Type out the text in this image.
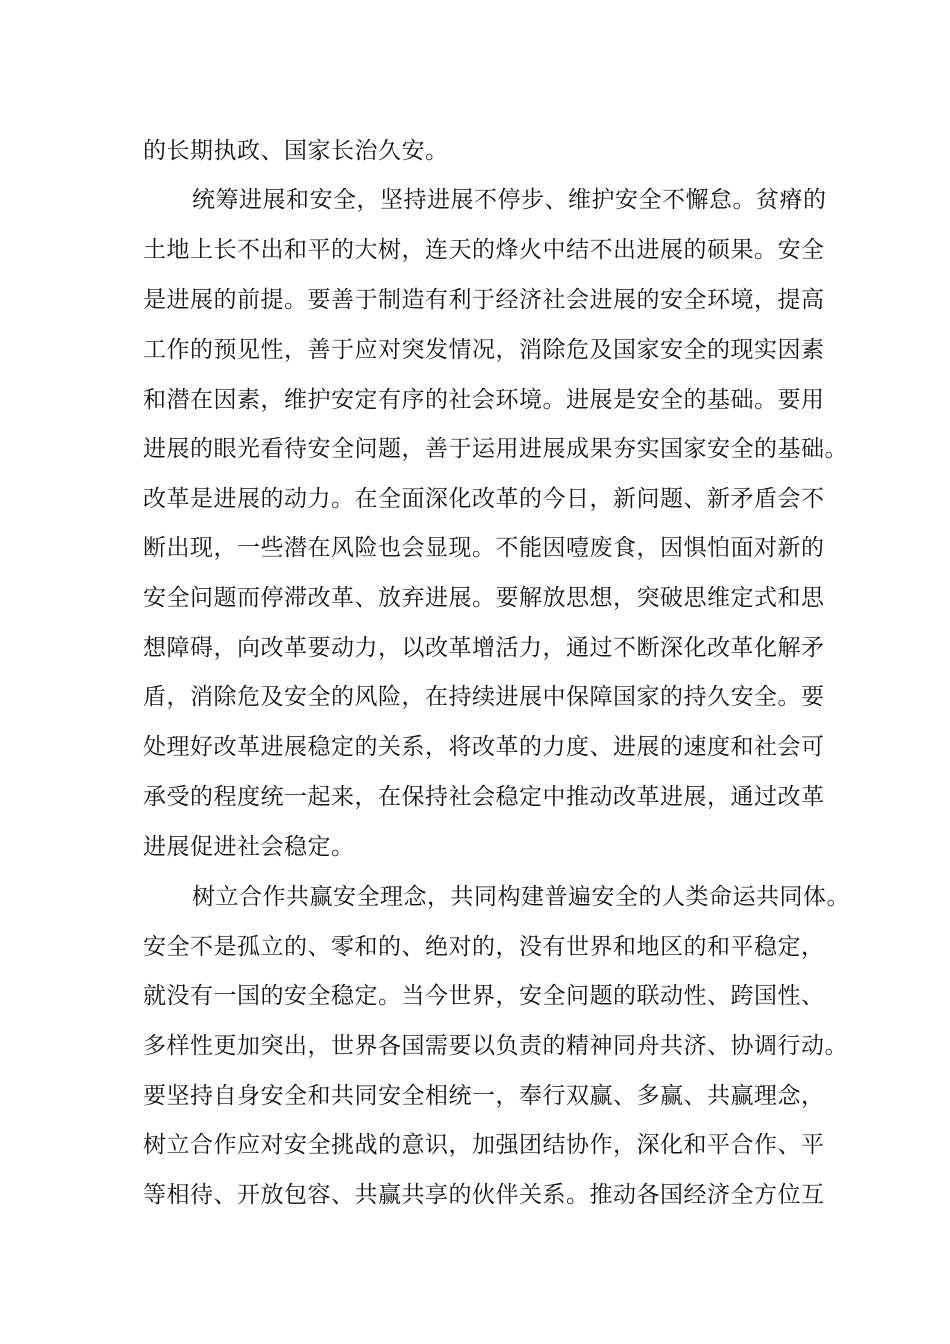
的长期执政、国家长治久安。
统筹进展和安全，坚持进展不停步、维护安全不懈怠。贫瘠的
土地上长不出和平的大树，连天的烽火中结不出进展的硕果。安全
是进展的前提。要善于制造有利于经济社会进展的安全环境，提高
工作的预见性，善于应对突发情况，消除危及国家安全的现实因素
和潜在因素，维护安定有序的社会环境。进展是安全的基础。要用
进展的眼光看待安全问题，善于运用进展成果夯实国家安全的基础。
改革是进展的动力。在全面深化改革的今日，新问题、新矛盾会不
断出现，一些潜在风险也会显现。不能因噎废食，因惧怕面对新的
安全问题而停滞改革、放弃进展。要解放思想，突破思维定式和思
想障碍，向改革要动力，以改革增活力，通过不断深化改革化解矛
盾，消除危及安全的风险，在持续进展中保障国家的持久安全。要
处理好改革进展稳定的关系，将改革的力度、进展的速度和社会可
承受的程度统一起来，在保持社会稳定中推动改革进展，通过改革
进展促进社会稳定。
树立合作共赢安全理念，共同构建普遍安全的人类命运共同体。
安全不是孤立的、零和的、绝对的，没有世界和地区的和平稳定，
就没有一国的安全稳定。当今世界，安全问题的联动性、跨国性、
多样性更加突出，世界各国需要以负责的精神同舟共济、协调行动。
要坚持自身安全和共同安全相统一，奉行双赢、多赢、共赢理念，
树立合作应对安全挑战的意识，加强团结协作，深化和平合作、平
等相待、开放包容、共赢共享的伙伴关系。推动各国经济全方位互
